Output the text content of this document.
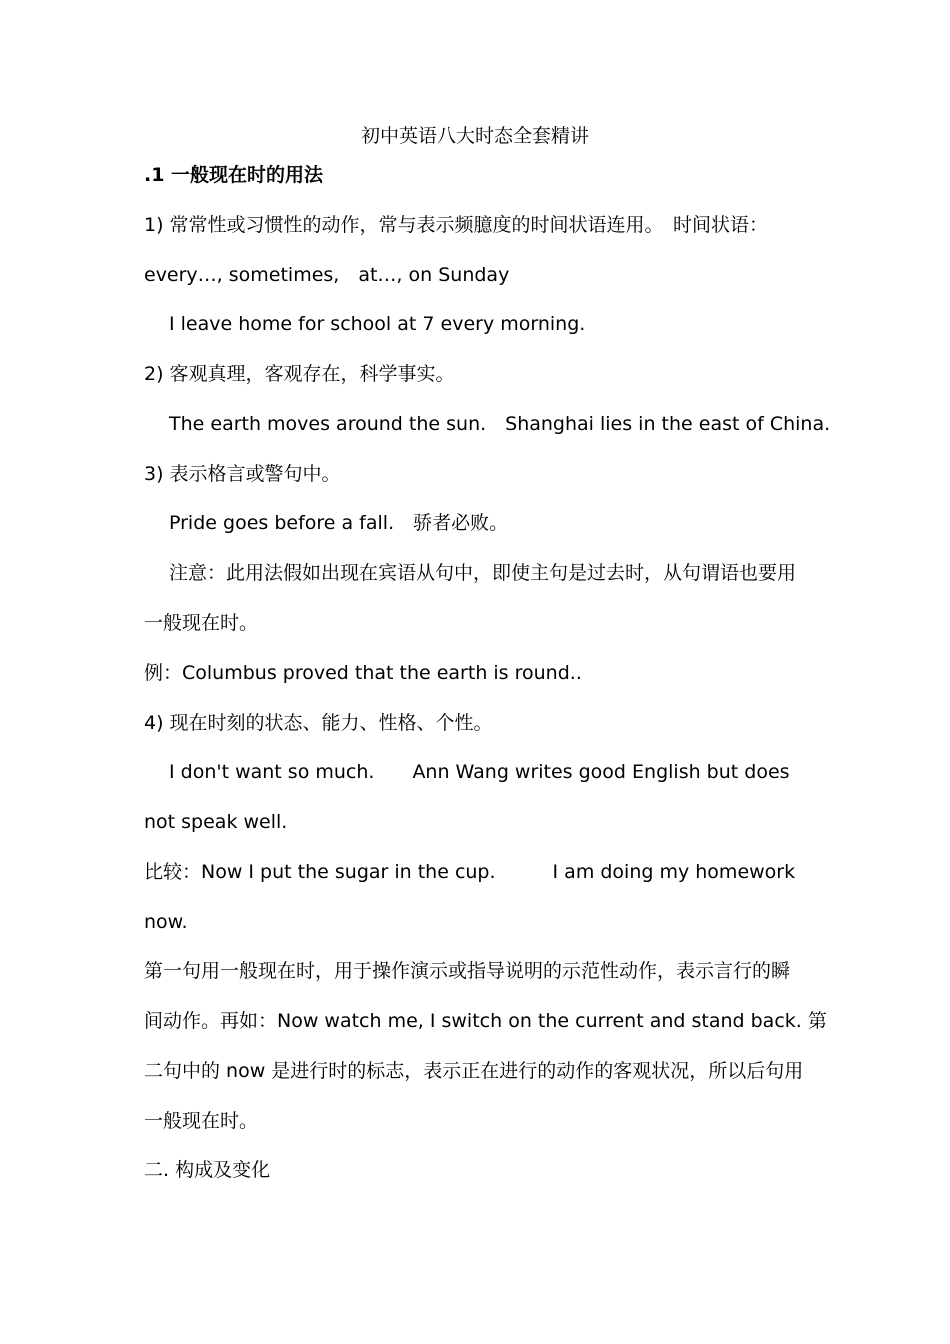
初中英语八大时态全套精讲
.1 一般现在时的用法
1) 常常性或习惯性的动作，常与表示频臆度的时间状语连用。　时间状语：
every…, sometimes,　at…, on Sunday
I leave home for school at 7 every morning.
2) 客观真理，客观存在，科学事实。
The earth moves around the sun.　Shanghai lies in the east of China.
3) 表示格言或警句中。
Pride goes before a fall.　骄者必败。
注意：此用法假如出现在宾语从句中，即使主句是过去时，从句谓语也要用
一般现在时。
例：Columbus proved that the earth is round..
4) 现在时刻的状态、能力、性格、个性。
I don't want so much.　　Ann Wang writes good English but does
not speak well.
比较：Now I put the sugar in the cup.　　　I am doing my homework
now.
第一句用一般现在时，用于操作演示或指导说明的示范性动作，表示言行的瞬
间动作。再如：Now watch me, I switch on the current and stand back. 第
二句中的 now 是进行时的标志，表示正在进行的动作的客观状况，所以后句用
一般现在时。
二. 构成及变化
